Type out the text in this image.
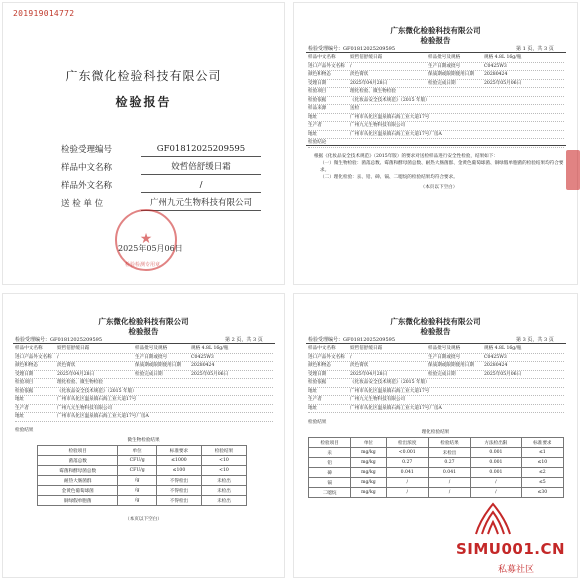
201919014772
广东微化检验科技有限公司
检验报告
检验受理编号	GF01812025209595
样品中文名称	姣哲倍舒缓日霜
样品外文名称	/
送 检 单 位	广州九元生物科技有限公司
★
2025年05月06日
检验检测专用章
广东微化检验科技有限公司
检验报告
检验受理编号：GF01812025209595	第 1 页，共 3 页
样品中文名称	姣哲倍舒缓日霜	样品批号及规格	规格 4.8L 16g/瓶
进口产品外文名称	/	生产日期或批号	C0425W3
颜色和物态	淡色膏状	保质期或限期使用日期 20280424
受理日期	2025年04月28日	检验完成日期	2025年05月06日
检验项目	理化检验、微生物检验
检验依据	《化妆品安全技术规范》（2015 年版）
样品来源	送检
地址	广州市从化区温泉镇石海工业大道17号
生产者	广州九元生物科技有限公司
地址	广州市从化区温泉镇石海工业大道17号厂房A
检验结论
根据《化妆品安全技术规范》（2015年版）的要求对送检样品进行安全性检验，结果如下：
（一）微生物检验：菌落总数、霉菌和酵母菌总数、耐热大肠菌群、金黄色葡萄球菌、铜绿假单胞菌的检验结果均符合要求。
（二）理化检验：汞、铅、砷、镉、二噁烷的检验结果均符合要求。
（本页以下空白）
广东微化检验科技有限公司
检验报告
检验受理编号：GF01812025209595	第 2 页，共 3 页
样品中文名称	姣哲倍舒缓日霜	样品批号及规格	规格 4.8L 16g/瓶
进口产品外文名称	/	生产日期或批号	C0425W3
颜色和物态	淡色膏状	保质期或限期使用日期 20280424
受理日期	2025年04月28日	检验完成日期	2025年05月06日
检验项目	理化检验、微生物检验
检验依据	《化妆品安全技术规范》（2015 年版）
地址	广州市从化区温泉镇石海工业大道17号
生产者	广州九元生物科技有限公司
地址	广州市从化区温泉镇石海工业大道17号厂房A
检验结果
微生物检验结果
检验项目	单位	标准要求	检验结果
菌落总数	CFU/g	≤1000	<10
霉菌和酵母菌总数	CFU/g	≤100	<10
耐热大肠菌群	/g	不得检出	未检出
金黄色葡萄球菌	/g	不得检出	未检出
铜绿假单胞菌	/g	不得检出	未检出
（本页以下空白）
广东微化检验科技有限公司
检验报告
检验受理编号：GF01812025209595	第 3 页，共 3 页
样品中文名称	姣哲倍舒缓日霜	样品批号及规格	规格 4.8L 16g/瓶
进口产品外文名称	/	生产日期或批号	C0425W3
颜色和物态	淡色膏状	保质期或限期使用日期 20280424
受理日期	2025年04月28日	检验完成日期	2025年05月06日
检验依据	《化妆品安全技术规范》（2015 年版）
地址	广州市从化区温泉镇石海工业大道17号
生产者	广州九元生物科技有限公司
地址	广州市从化区温泉镇石海工业大道17号厂房A
检验结果
理化检验结果
检验项目	单位	检出浓度	检验结果	方法检出限	标准要求
汞	mg/kg	<0.001	未检出	0.001	≤1
铅	mg/kg	0.27	0.27	0.001	≤10
砷	mg/kg	0.041	0.041	0.001	≤2
镉	mg/kg	/	/	/	≤5
二噁烷	mg/kg	/	/	/	≤30
SIMU001.CN
私募社区
